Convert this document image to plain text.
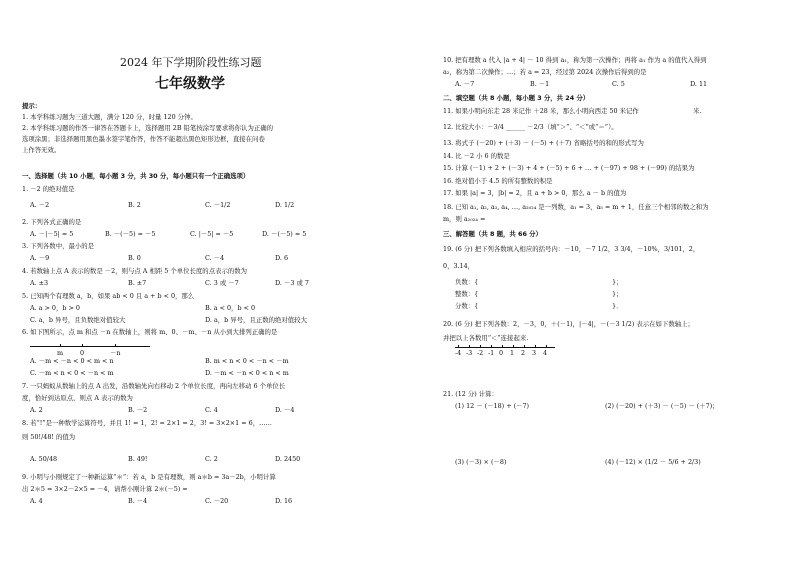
2024 年下学期阶段性练习题
七年级数学
提示：
1. 本学科练习题为三道大题，满分 120 分，时量 120 分钟。
2. 本学科练习题的作答一律答在答题卡上，选择题用 2B 铅笔按涂写要求将你认为正确的
选项涂黑；非选择题用黑色墨水签字笔作答，作答不能超出黑色矩形边框，直接在问卷
上作答无效。
一、选择题（共 10 小题，每小题 3 分，共 30 分，每小题只有一个正确选项）
1. －2 的绝对值是
A. －2	B. 2	C. －1/2	D. 1/2
2. 下列各式正确的是
A. －|－5| = 5	B. －(－5) = －5	C. |－5| = －5	D. －(－5) = 5
3. 下列各数中，最小的是
A. －9	B. 0	C. －4	D. 6
4. 若数轴上点 A 表示的数是 －2，则与点 A 相距 5 个单位长度的点表示的数为
A. ±3	B. ±7	C. 3 或 －7	D. －3 或 7
5. 已知两个有理数 a，b，如果 ab < 0 且 a + b < 0，那么
A. a > 0，b > 0	B. a < 0，b < 0
C. a，b 异号，且负数绝对值较大	D. a，b 异号，且正数的绝对值较大
6. 如下图所示，点 m 和点 －n 在数轴上，则将 m、0、－m、－n 从小到大排列正确的是
m	0	－n
A. －m < －n < 0 < m < n	B. m < n < 0 < －n < －m
C. －m < n < 0 < －n < m	D. －m < －n < 0 < n < m
7. 一只蚂蚁从数轴上的点 A 出发，沿数轴先向右移动 2 个单位长度，再向左移动 6 个单位长
度，恰好到达原点，则点 A 表示的数为
A. 2	B. －2	C. 4	D. －4
8. 若“!”是一种数学运算符号，并且 1! = 1，2! = 2×1 = 2，3! = 3×2×1 = 6，……
则 50!/48! 的值为
A. 50/48	B. 49!	C. 2	D. 2450
9. 小明与小刚规定了一种新运算“＊”：若 a，b 是有理数，则 a＊b = 3a－2b，小明计算
出 2＊5 = 3×2－2×5 = －4，请帮小刚计算 2＊(－5) =
A. 4	B. －4	C. －20	D. 16
10. 把有理数 a 代入 |a + 4| － 10 得到 a₁，称为第一次操作；再将 a₁ 作为 a 的值代入得到
a₂，称为第二次操作；…；若 a = 23，经过第 2024 次操作后得到的是
A. －7	B. －1	C. 5	D. 11
二、填空题（共 8 小题，每小题 3 分，共 24 分）
11. 如果小明向东走 28 米记作 ＋28 米，那么小明向西走 50 米记作	米.
12. 比较大小：－3/4 ______ －2/3（填“＞”、“＜”或“＝”）。
13. 将式子 (－20) + (＋3) － (－5) + (＋7) 省略括号的和的形式写为
14. 比 －2 小 6 的数是
15. 计算 (－1) + 2 + (－3) + 4 + (－5) + 6 + … + (－97) + 98 + (－99) 的结果为
16. 绝对值小于 4.5 的所有整数的积是
17. 如果 |a| = 3，|b| = 2，且 a + b > 0，那么 a － b 的值为
18. 已知 a₁, a₂, a₃, a₄, …, a₂₀₂₄ 是一列数，a₁ = 3，a₅ = m + 1，任意三个相邻的数之和为
m，则 a₂₀₂₄ =
三、解答题（共 8 题，共 66 分）
19. (6 分) 把下列各数填入相应的括号内：－10，－7 1/2，3 3/4，－10%，3/101，2，
0，3.14，
负数：{	}；
整数：{	}；
分数：{	}．
20. (6 分) 把下列各数：2，－3，0，＋(－1)，|－4|，－(－3 1/2) 表示在如下数轴上；
并把以上各数用“＜”连接起来.
-4 -3 -2 -1 0 1 2 3 4
21. (12 分) 计算：
(1) 12 － (－18) + (－7)	(2) (－20) + (＋3) － (－5) － (＋7)；
(3) (－3) × (－8)	(4) (－12) × (1/2 － 5/6 + 2/3)
